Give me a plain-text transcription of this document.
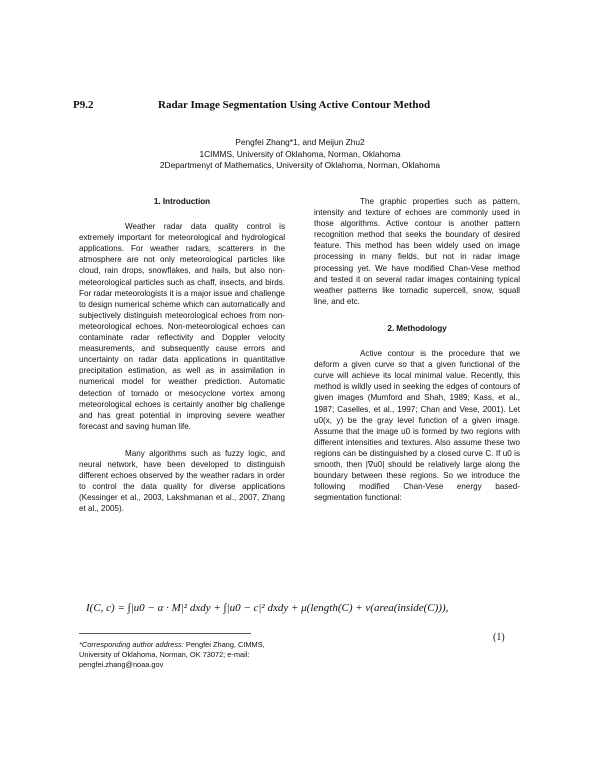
P9.2	Radar Image Segmentation Using Active Contour Method
Pengfei Zhang*1, and Meijun Zhu2
1CIMMS, University of Oklahoma, Norman, Oklahoma
2Departmenyt of Mathematics, University of Oklahoma, Norman, Oklahoma
1. Introduction

Weather radar data quality control is extremely important for meteorological and hydrological applications. For weather radars, scatterers in the atmosphere are not only meteorological particles like cloud, rain drops, snowflakes, and hails, but also non-meteorological particles such as chaff, insects, and birds. For radar meteorologists it is a major issue and challenge to design numerical scheme which can automatically and subjectively distinguish meteorological echoes from non-meteorological echoes. Non-meteorological echoes can contaminate radar reflectivity and Doppler velocity measurements, and subsequently cause errors and uncertainty on radar data applications in quantitative precipitation estimation, as well as in assimilation in numerical model for weather prediction. Automatic detection of tornado or mesocyclone vortex among meteorological echoes is certainly another big challenge and has great potential in improving severe weather forecast and saving human life.

Many algorithms such as fuzzy logic, and neural network, have been developed to distinguish different echoes observed by the weather radars in order to control the data quality for diverse applications (Kessinger et al., 2003, Lakshmanan et al., 2007, Zhang et al., 2005).

The graphic properties such as pattern, intensity and texture of echoes are commonly used in those algorithms. Active contour is another pattern recognition method that seeks the boundary of desired feature. This method has been widely used on image processing in many fields, but not in radar image processing yet. We have modified Chan-Vese method and tested it on several radar images containing typical weather patterns like tornadic supercell, snow, squall line, and etc.

2. Methodology

Active contour is the procedure that we deform a given curve so that a given functional of the curve will achieve its local minimal value. Recently, this method is wildly used in seeking the edges of contours of given images (Mumford and Shah, 1989; Kass, et al., 1987; Caselles, et al., 1997; Chan and Vese, 2001). Let u0(x, y) be the gray level function of a given image. Assume that the image u0 is formed by two regions with different intensities and textures. Also assume these two regions can be distinguished by a closed curve C. If u0 is smooth, then |∇u0| should be relatively large along the boundary between these regions. So we introduce the following modified Chan-Vese energy based-segmentation functional:

I(C, c) = ∫|u0 − α · M|² dxdy + ∫|u0 − c|² dxdy + μ(length(C) + ν(area(inside(C))),
(1)
*Corresponding author address: Pengfei Zhang, CIMMS, University of Oklahoma, Norman, OK 73072; e-mail: pengfei.zhang@noaa.gov
